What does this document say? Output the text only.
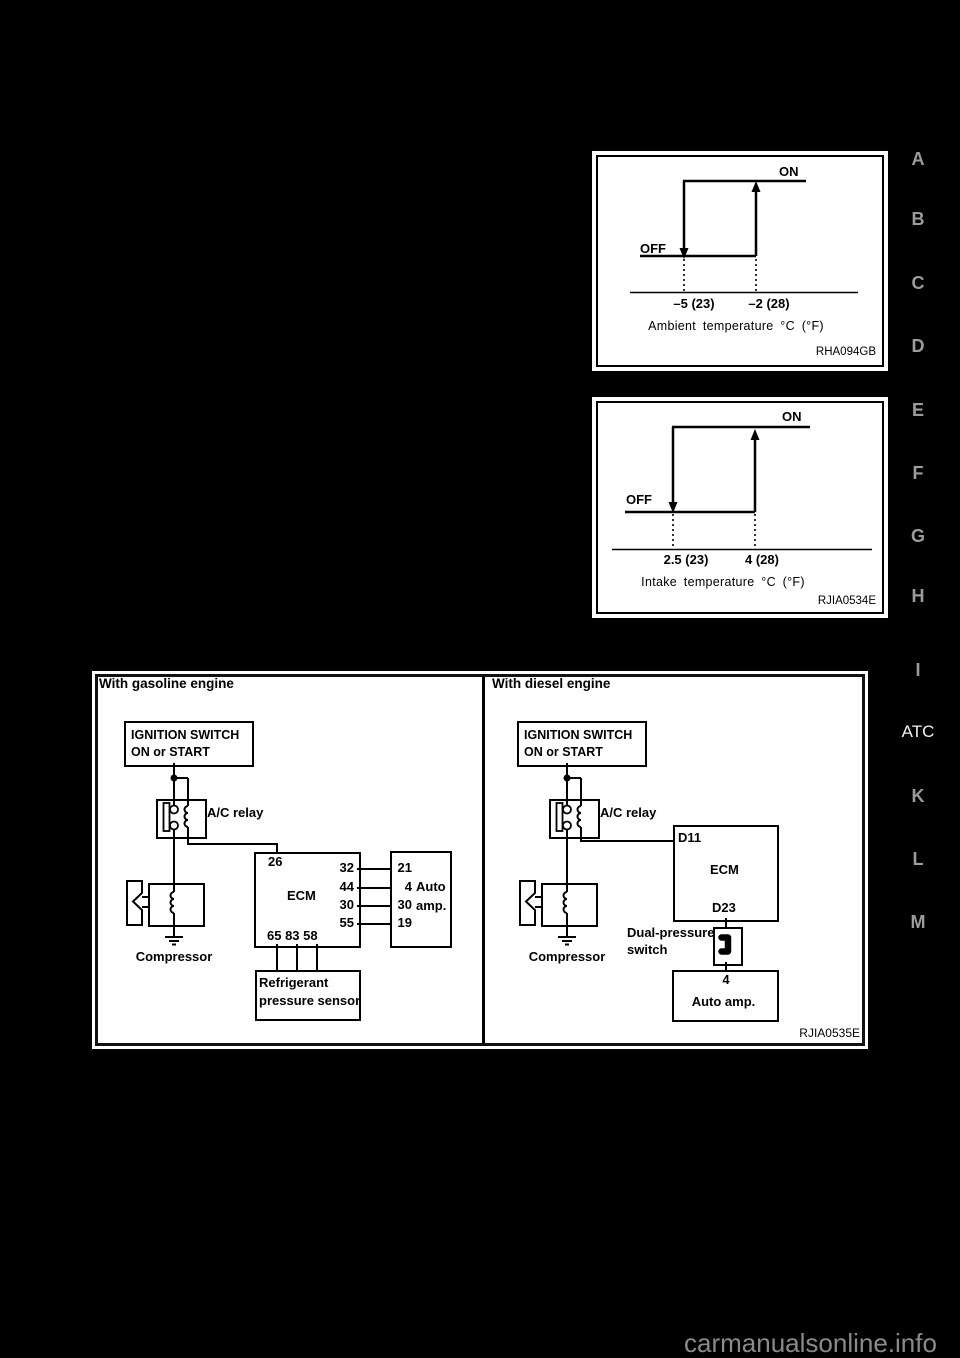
IGNITION SWITCH
ON or START
IGNITION SWITCH
ON or START
ON
OFF
–5 (23)	–2 (28)
Ambient temperature °C (°F)
RHA094GB
ON
OFF
2.5 (23)	4 (28)
Intake temperature °C (°F)
RJIA0534E
With gasoline engine
A/C relay
26
ECM
32
44
30
55
65 83 58
21
4
30
19
Auto
amp.
Refrigerant
pressure sensor
Compressor
With diesel engine
A/C relay
D11
ECM
D23
Dual-pressure
switch
4
Auto amp.
Compressor
RJIA0535E
A
B
C
D
E
F
G
H
I
ATC
K
L
M
carmanualsonline.info
